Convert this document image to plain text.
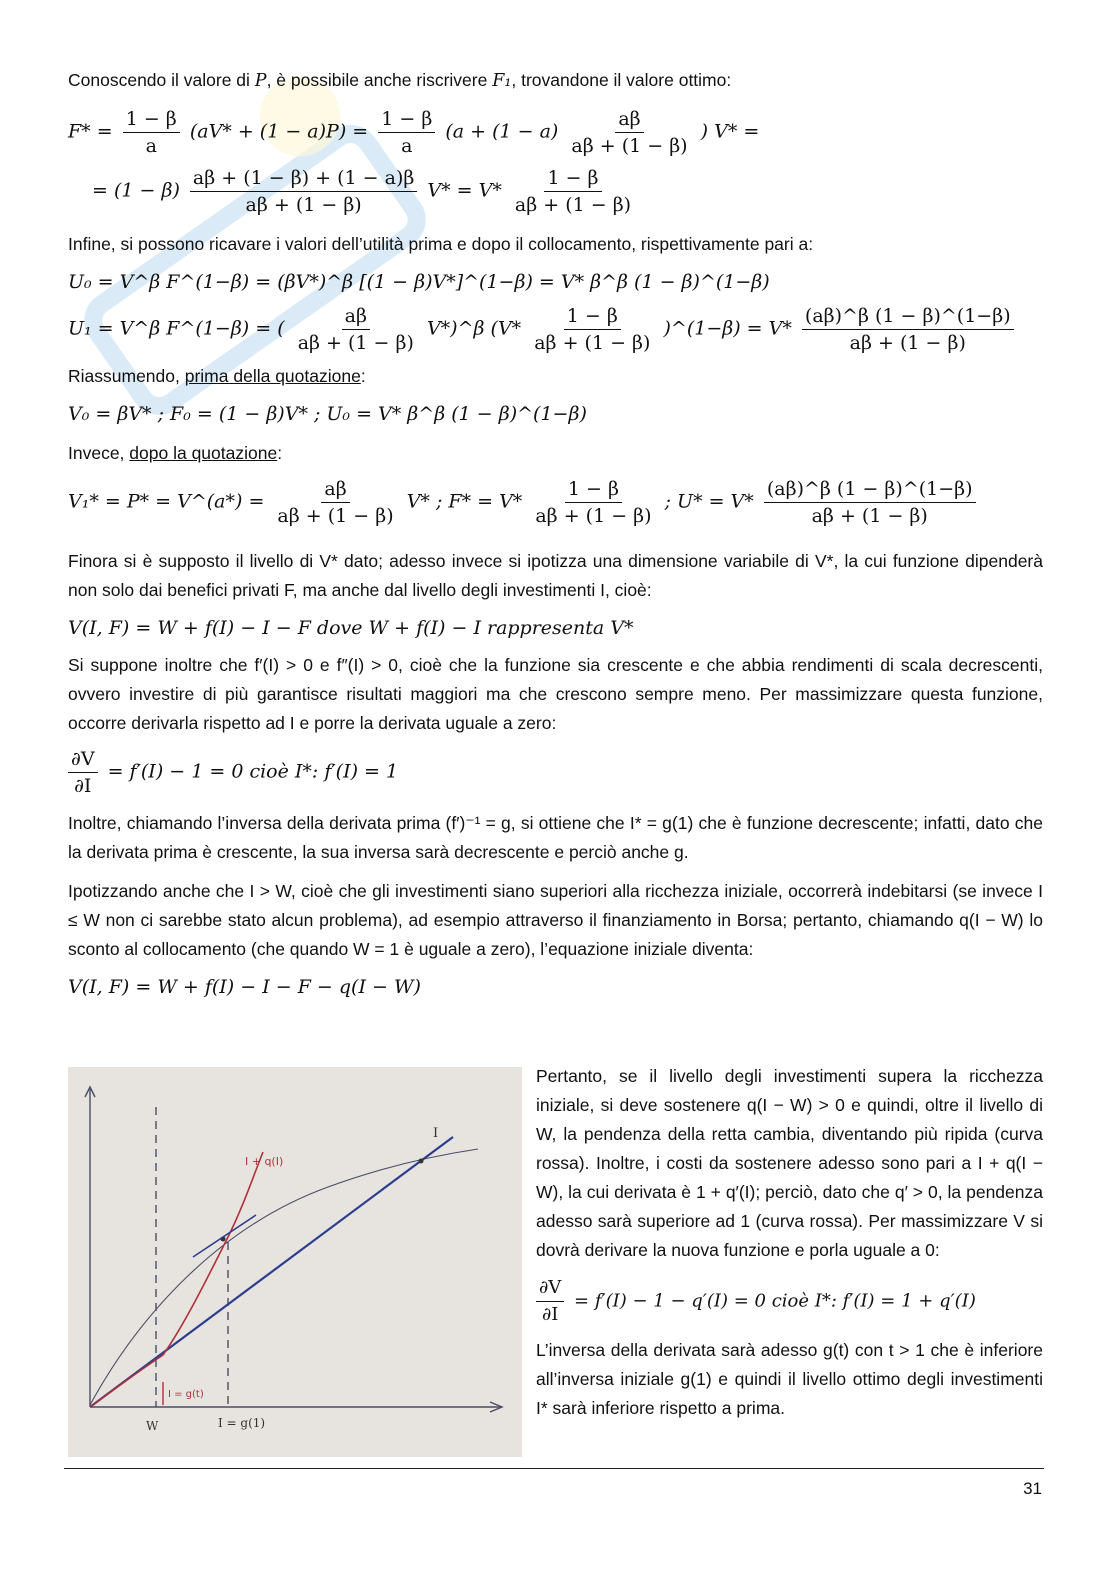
Conoscendo il valore di P, è possibile anche riscrivere F₁, trovandone il valore ottimo:

$F* = \frac{1 - \beta}{a} (aV* + (1 - a)P) = \frac{1 - \beta}{a} (a + (1 - a) \frac{a\beta}{a\beta + (1 - \beta)}$ ) V* =
= $(1 - \beta) \frac{a\beta + (1 - \beta) + (1 - a)\beta}{a\beta + (1 - \beta)} V* = V* \frac{1 - \beta}{a\beta + (1 - \beta)}$

Infine, si possono ricavare i valori dell’utilità prima e dopo il collocamento, rispettivamente pari a:

U₀ = V^β F^(1−β) = (βV*)^β [(1 − β)V*]^(1−β) = V* β^β (1 − β)^(1−β)
U₁ = V^β F^(1−β) = ( $\frac{a\beta}{a\beta + (1 - \beta)}$ V*)^β ($V* \frac{1 - \beta}{a\beta + (1 - \beta)}$ )^(1−β) = $V* \frac{(a\beta)\^{}\beta (1 - \beta)\^{}(1-\beta)}{a\beta + (1 - \beta)}$

Riassumendo, prima della quotazione:

V₀ = βV* ; F₀ = (1 − β)V* ; U₀ = V* β^β (1 − β)^(1−β)

Invece, dopo la quotazione:

V₁* = P* = V^(a*) = $\frac{a\beta}{a\beta + (1 - \beta)} V*$ ; $F* = V* \frac{1 - \beta}{a\beta + (1 - \beta)}$ ; $U* = V* \frac{(a\beta)\^{}\beta (1 - \beta)\^{}(1-\beta)}{a\beta + (1 - \beta)}$

Finora si è supposto il livello di V* dato; adesso invece si ipotizza una dimensione variabile di V*, la cui funzione dipenderà non solo dai benefici privati F, ma anche dal livello degli investimenti I, cioè:

V(I, F) = W + f(I) − I − F dove W + f(I) − I rappresenta V*

Si suppone inoltre che f′(I) > 0 e f″(I) > 0, cioè che la funzione sia crescente e che abbia rendimenti di scala decrescenti, ovvero investire di più garantisce risultati maggiori ma che crescono sempre meno. Per massimizzare questa funzione, occorre derivarla rispetto ad I e porre la derivata uguale a zero:

$\frac{\partial V}{\partial I} = f'(I) - 1 = 0$ cioè I*: f′(I) = 1

Inoltre, chiamando l’inversa della derivata prima (f′)⁻¹ = g, si ottiene che I* = g(1) che è funzione decrescente; infatti, dato che la derivata prima è crescente, la sua inversa sarà decrescente e perciò anche g.

Ipotizzando anche che I > W, cioè che gli investimenti siano superiori alla ricchezza iniziale, occorrerà indebitarsi (se invece I ≤ W non ci sarebbe stato alcun problema), ad esempio attraverso il finanziamento in Borsa; pertanto, chiamando q(I − W) lo sconto al collocamento (che quando W = 1 è uguale a zero), l’equazione iniziale diventa:

V(I, F) = W + f(I) − I − F − q(I − W)
I
I + q(I)
I = g(t)
W	I = g(1)

Pertanto, se il livello degli investimenti supera la ricchezza iniziale, si deve sostenere q(I − W) > 0 e quindi, oltre il livello di W, la pendenza della retta cambia, diventando più ripida (curva rossa). Inoltre, i costi da sostenere adesso sono pari a I + q(I − W), la cui derivata è 1 + q′(I); perciò, dato che q′ > 0, la pendenza adesso sarà superiore ad 1 (curva rossa). Per massimizzare V si dovrà derivare la nuova funzione e porla uguale a 0:

$\frac{\partial V}{\partial I} = f'(I) - 1 - q'(I) = 0$ cioè I*: f′(I) = 1 + q′(I)

L’inversa della derivata sarà adesso g(t) con t > 1 che è inferiore all’inversa iniziale g(1) e quindi il livello ottimo degli investimenti I* sarà inferiore rispetto a prima.

31
